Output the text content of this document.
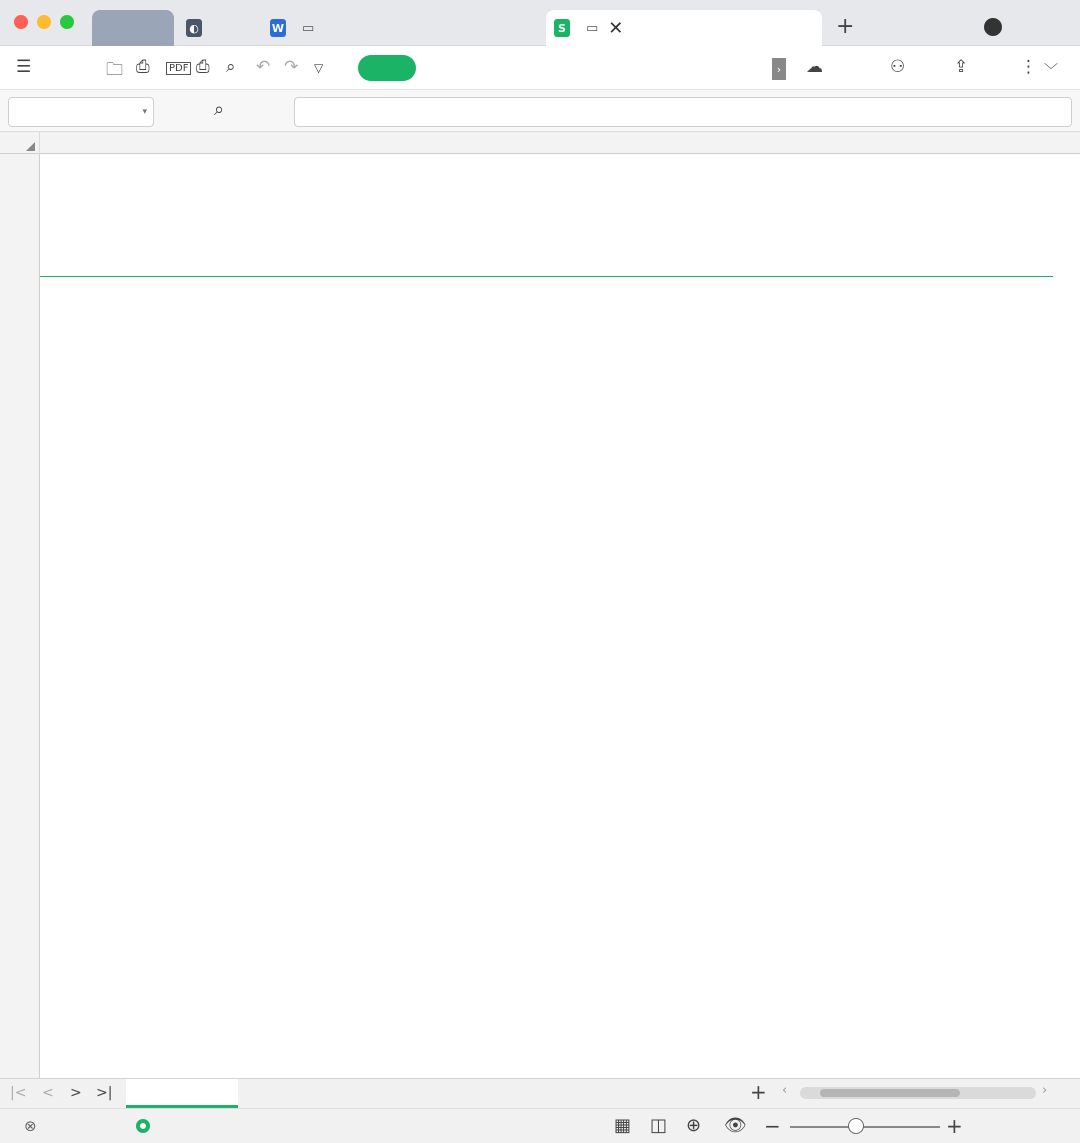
◐	W ▭	S	▭ ✕	+
☰	🗀 ⎙	PDF ⎙ ⌕ ↶ ↷ ▽	› ☁	⚇	⇪	⋮ ﹀
▾	⌕
|< < > >|	+ ‹	›
⊗	▦ ◫ ⊕ 👁 −	+
